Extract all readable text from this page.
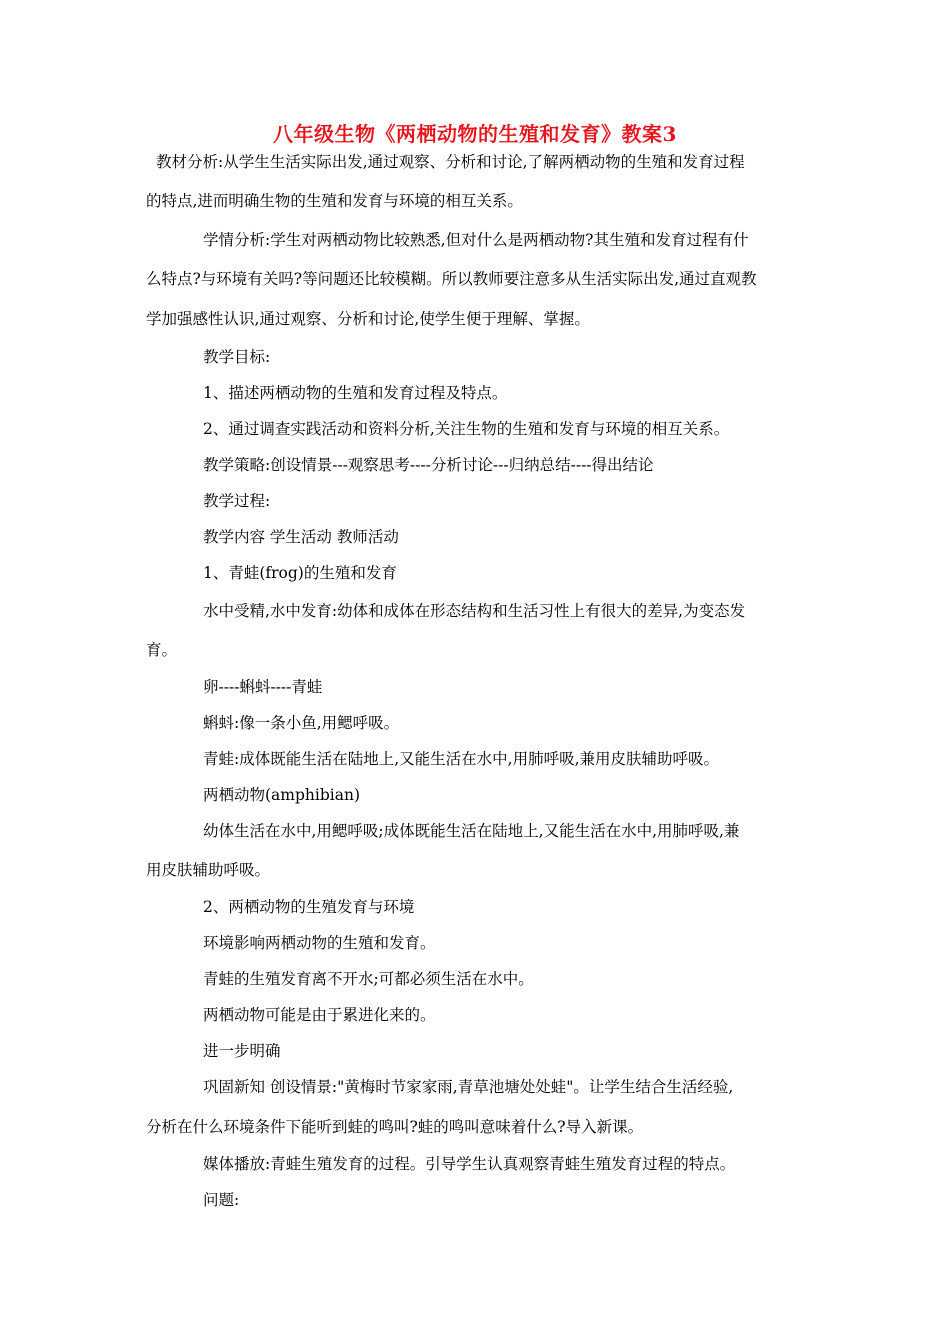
八年级生物《两栖动物的生殖和发育》教案3
教材分析:从学生生活实际出发,通过观察、分析和讨论,了解两栖动物的生殖和发育过程
的特点,进而明确生物的生殖和发育与环境的相互关系。
学情分析:学生对两栖动物比较熟悉,但对什么是两栖动物?其生殖和发育过程有什
么特点?与环境有关吗?等问题还比较模糊。所以教师要注意多从生活实际出发,通过直观教
学加强感性认识,通过观察、分析和讨论,使学生便于理解、掌握。
教学目标:
1、描述两栖动物的生殖和发育过程及特点。
2、通过调查实践活动和资料分析,关注生物的生殖和发育与环境的相互关系。
教学策略:创设情景---观察思考----分析讨论---归纳总结----得出结论
教学过程:
教学内容 学生活动 教师活动
1、青蛙(frog)的生殖和发育
水中受精,水中发育:幼体和成体在形态结构和生活习性上有很大的差异,为变态发
育。
卵----蝌蚪----青蛙
蝌蚪:像一条小鱼,用鳃呼吸。
青蛙:成体既能生活在陆地上,又能生活在水中,用肺呼吸,兼用皮肤辅助呼吸。
两栖动物(amphibian)
幼体生活在水中,用鳃呼吸;成体既能生活在陆地上,又能生活在水中,用肺呼吸,兼
用皮肤辅助呼吸。
2、两栖动物的生殖发育与环境
环境影响两栖动物的生殖和发育。
青蛙的生殖发育离不开水;可都必须生活在水中。
两栖动物可能是由于累进化来的。
进一步明确
巩固新知 创设情景:"黄梅时节家家雨,青草池塘处处蛙"。让学生结合生活经验,
分析在什么环境条件下能听到蛙的鸣叫?蛙的鸣叫意味着什么?导入新课。
媒体播放:青蛙生殖发育的过程。引导学生认真观察青蛙生殖发育过程的特点。
问题:
